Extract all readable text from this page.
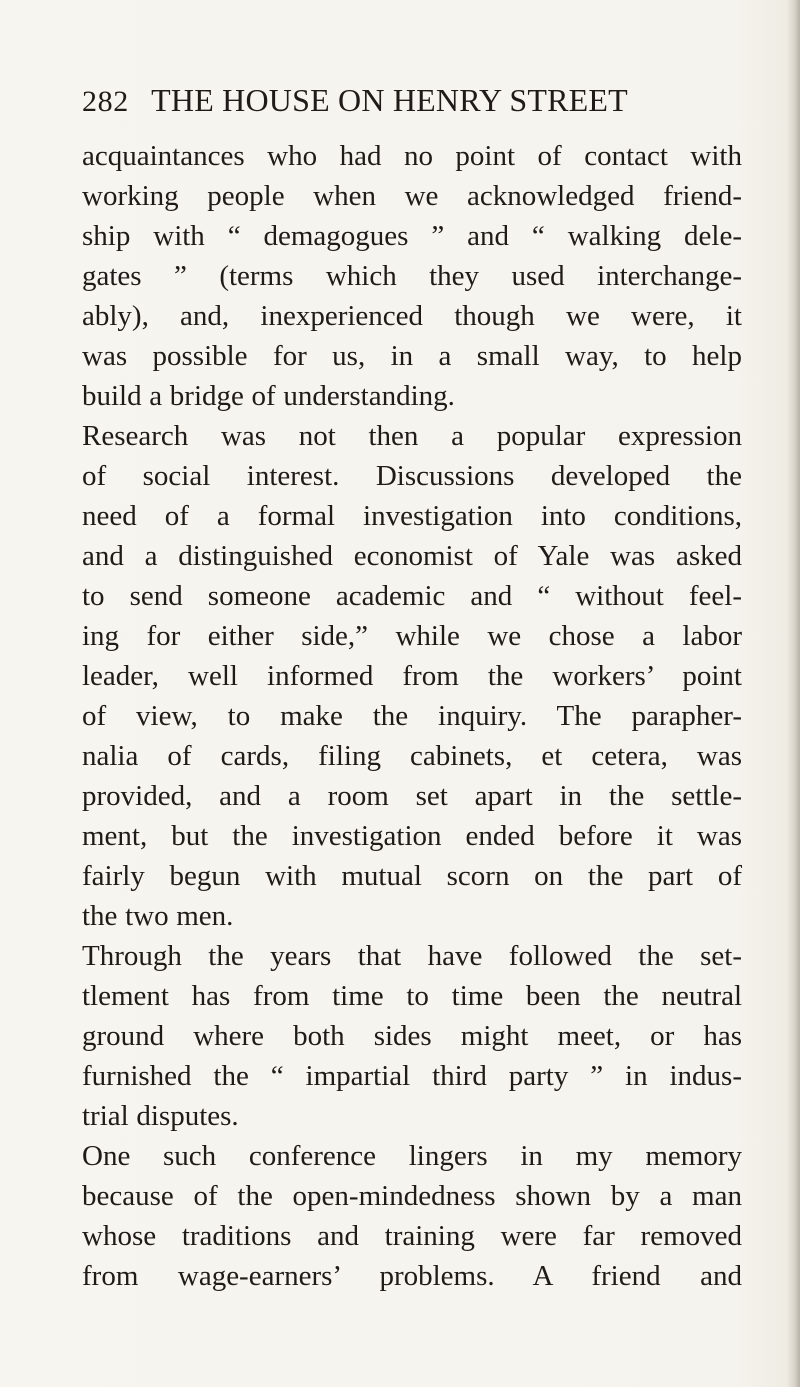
282 THE HOUSE ON HENRY STREET
acquaintances who had no point of contact with
working people when we acknowledged friend-
ship with “ demagogues ” and “ walking dele-
gates ” (terms which they used interchange-
ably), and, inexperienced though we were, it
was possible for us, in a small way, to help
build a bridge of understanding.
Research was not then a popular expression
of social interest. Discussions developed the
need of a formal investigation into conditions,
and a distinguished economist of Yale was asked
to send someone academic and “ without feel-
ing for either side,” while we chose a labor
leader, well informed from the workers’ point
of view, to make the inquiry. The parapher-
nalia of cards, filing cabinets, et cetera, was
provided, and a room set apart in the settle-
ment, but the investigation ended before it was
fairly begun with mutual scorn on the part of
the two men.
Through the years that have followed the set-
tlement has from time to time been the neutral
ground where both sides might meet, or has
furnished the “ impartial third party ” in indus-
trial disputes.
One such conference lingers in my memory
because of the open-mindedness shown by a man
whose traditions and training were far removed
from wage-earners’ problems. A friend and
